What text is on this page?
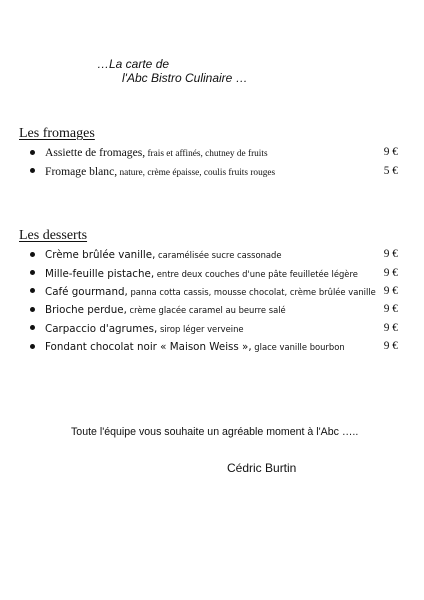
…La carte de
l'Abc Bistro Culinaire …
Les fromages
Assiette de fromages, frais et affinés, chutney de fruits	9 €
Fromage blanc, nature, crème épaisse, coulis fruits rouges	5 €
Les desserts
Crème brûlée vanille, caramélisée sucre cassonade	9 €
Mille-feuille pistache, entre deux couches d'une pâte feuilletée légère	9 €
Café gourmand, panna cotta cassis, mousse chocolat, crème brûlée vanille 9 €
Brioche perdue, crème glacée caramel au beurre salé	9 €
Carpaccio d'agrumes, sirop léger verveine	9 €
Fondant chocolat noir « Maison Weiss », glace vanille bourbon	9 €
Toute l'équipe vous souhaite un agréable moment à l'Abc …..
Cédric Burtin
